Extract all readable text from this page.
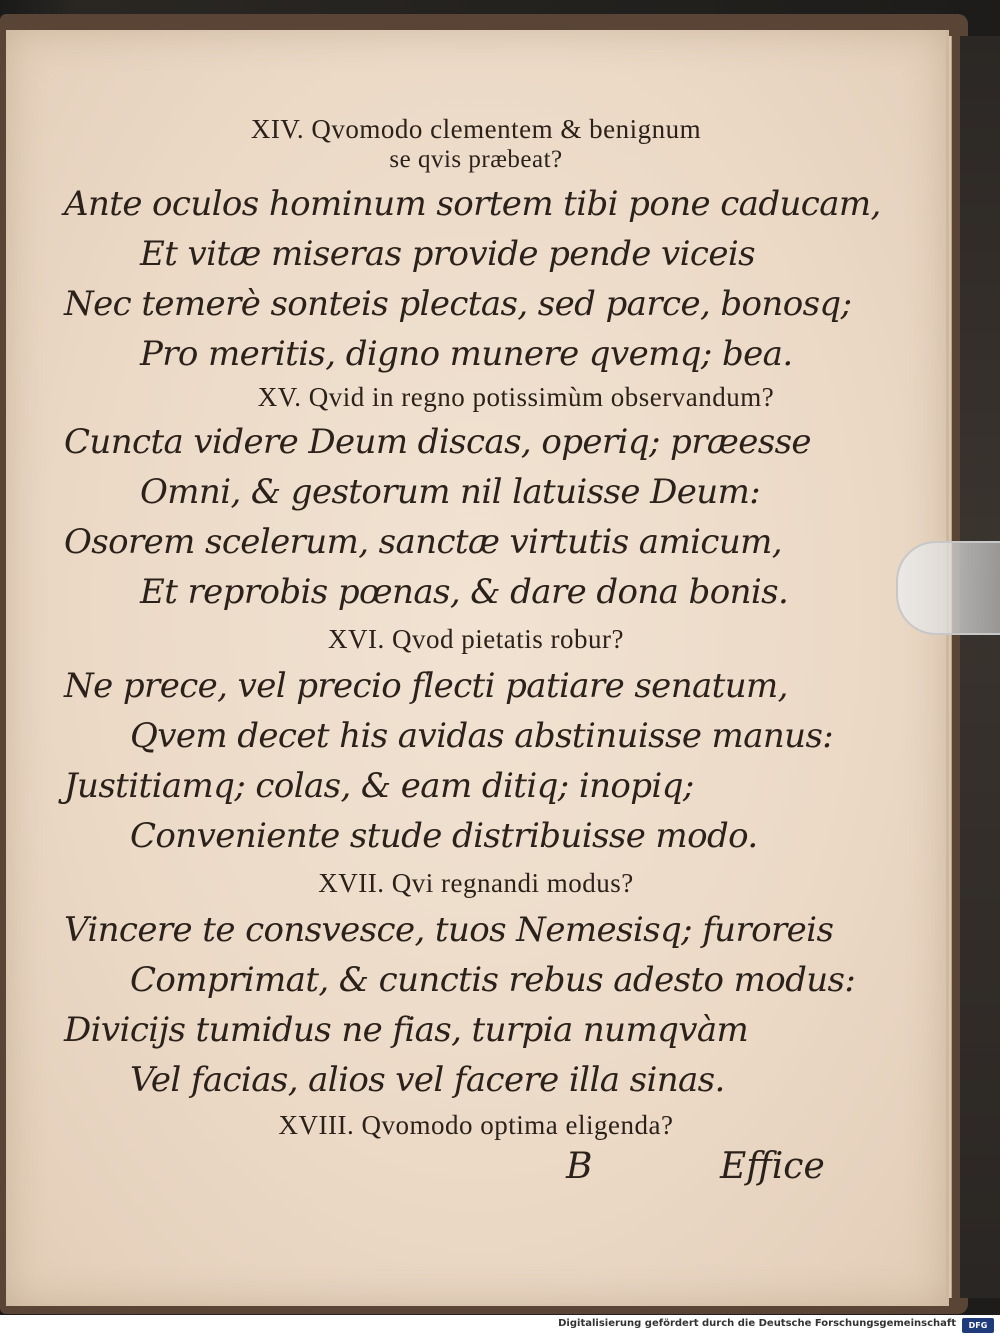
XIV. Qvomodo clementem & benignum
se qvis præbeat?
Ante oculos hominum sortem tibi pone caducam,
Et vitæ miseras provide pende viceis
Nec temerè sonteis plectas, sed parce, bonosq;
Pro meritis, digno munere qvemq; bea.
XV. Qvid in regno potissimùm observandum?
Cuncta videre Deum discas, operiq; præesse
Omni, & gestorum nil latuisse Deum:
Osorem scelerum, sanctæ virtutis amicum,
Et reprobis pœnas, & dare dona bonis.
XVI. Qvod pietatis robur?
Ne prece, vel precio flecti patiare senatum,
Qvem decet his avidas abstinuisse manus:
Justitiamq; colas, & eam ditiq; inopiq;
Conveniente stude distribuisse modo.
XVII. Qvi regnandi modus?
Vincere te consvesce, tuos Nemesisq; furoreis
Comprimat, & cunctis rebus adesto modus:
Divicijs tumidus ne fias, turpia numqvàm
Vel facias, alios vel facere illa sinas.
XVIII. Qvomodo optima eligenda?
B	Effice
Digitalisierung gefördert durch die Deutsche Forschungsgemeinschaft	DFG
